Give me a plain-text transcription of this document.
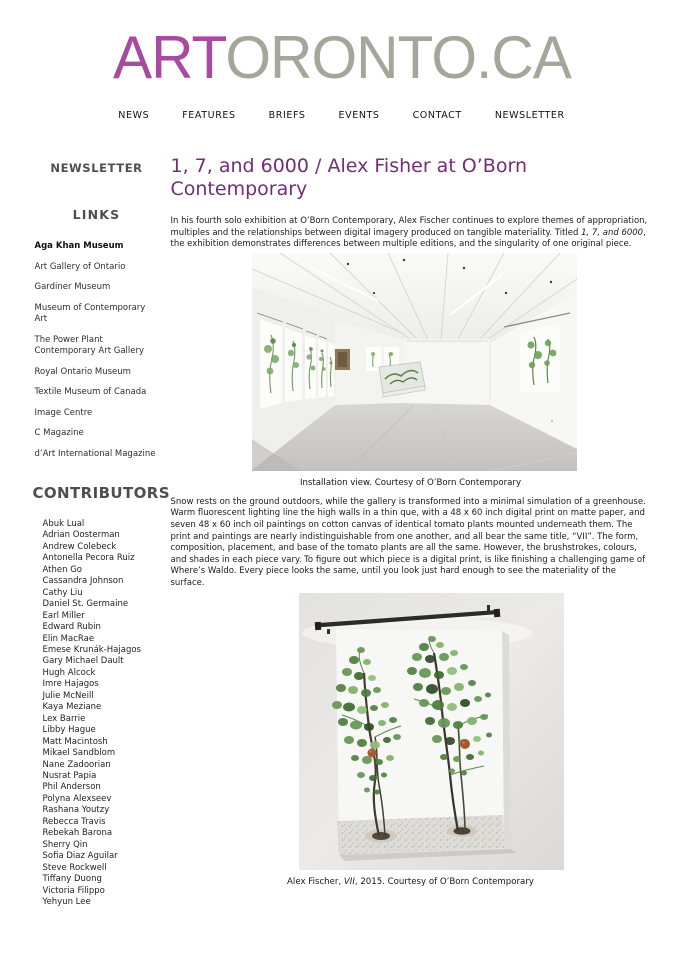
ARTORONTO.CA
NEWS	FEATURES	BRIEFS	EVENTS	CONTACT	NEWSLETTER
NEWSLETTER
LINKS
Aga Khan Museum
Art Gallery of Ontario
Gardiner Museum
Museum of Contemporary Art
The Power Plant Contemporary Art Gallery
Royal Ontario Museum
Textile Museum of Canada
Image Centre
C Magazine
d’Art International Magazine
CONTRIBUTORS
Abuk Lual
Adrian Oosterman
Andrew Colebeck
Antonella Pecora Ruiz
Athen Go
Cassandra Johnson
Cathy Liu
Daniel St. Germaine
Earl Miller
Edward Rubin
Elin MacRae
Emese Krunák-Hajagos
Gary Michael Dault
Hugh Alcock
Imre Hajagos
Julie McNeill
Kaya Meziane
Lex Barrie
Libby Hague
Matt Macintosh
Mikael Sandblom
Nane Zadoorian
Nusrat Papia
Phil Anderson
Polyna Alexseev
Rashana Youtzy
Rebecca Travis
Rebekah Barona
Sherry Qin
Sofia Diaz Aguilar
Steve Rockwell
Tiffany Duong
Victoria Filippo
Yehyun Lee
1, 7, and 6000 / Alex Fisher at O’Born Contemporary

In his fourth solo exhibition at O’Born Contemporary, Alex Fischer continues to explore themes of appropriation, multiples and the relationships between digital imagery produced on tangible materiality. Titled 1, 7, and 6000, the exhibition demonstrates differences between multiple editions, and the singularity of one original piece.

Installation view. Courtesy of O’Born Contemporary

Snow rests on the ground outdoors, while the gallery is transformed into a minimal simulation of a greenhouse. Warm fluorescent lighting line the high walls in a thin que, with a 48 x 60 inch digital print on matte paper, and seven 48 x 60 inch oil paintings on cotton canvas of identical tomato plants mounted underneath them. The print and paintings are nearly indistinguishable from one another, and all bear the same title, “VII”. The form, composition, placement, and base of the tomato plants are all the same. However, the brushstrokes, colours, and shades in each piece vary. To figure out which piece is a digital print, is like finishing a challenging game of Where’s Waldo. Every piece looks the same, until you look just hard enough to see the materiality of the surface.

Alex Fischer, VII, 2015. Courtesy of O’Born Contemporary
